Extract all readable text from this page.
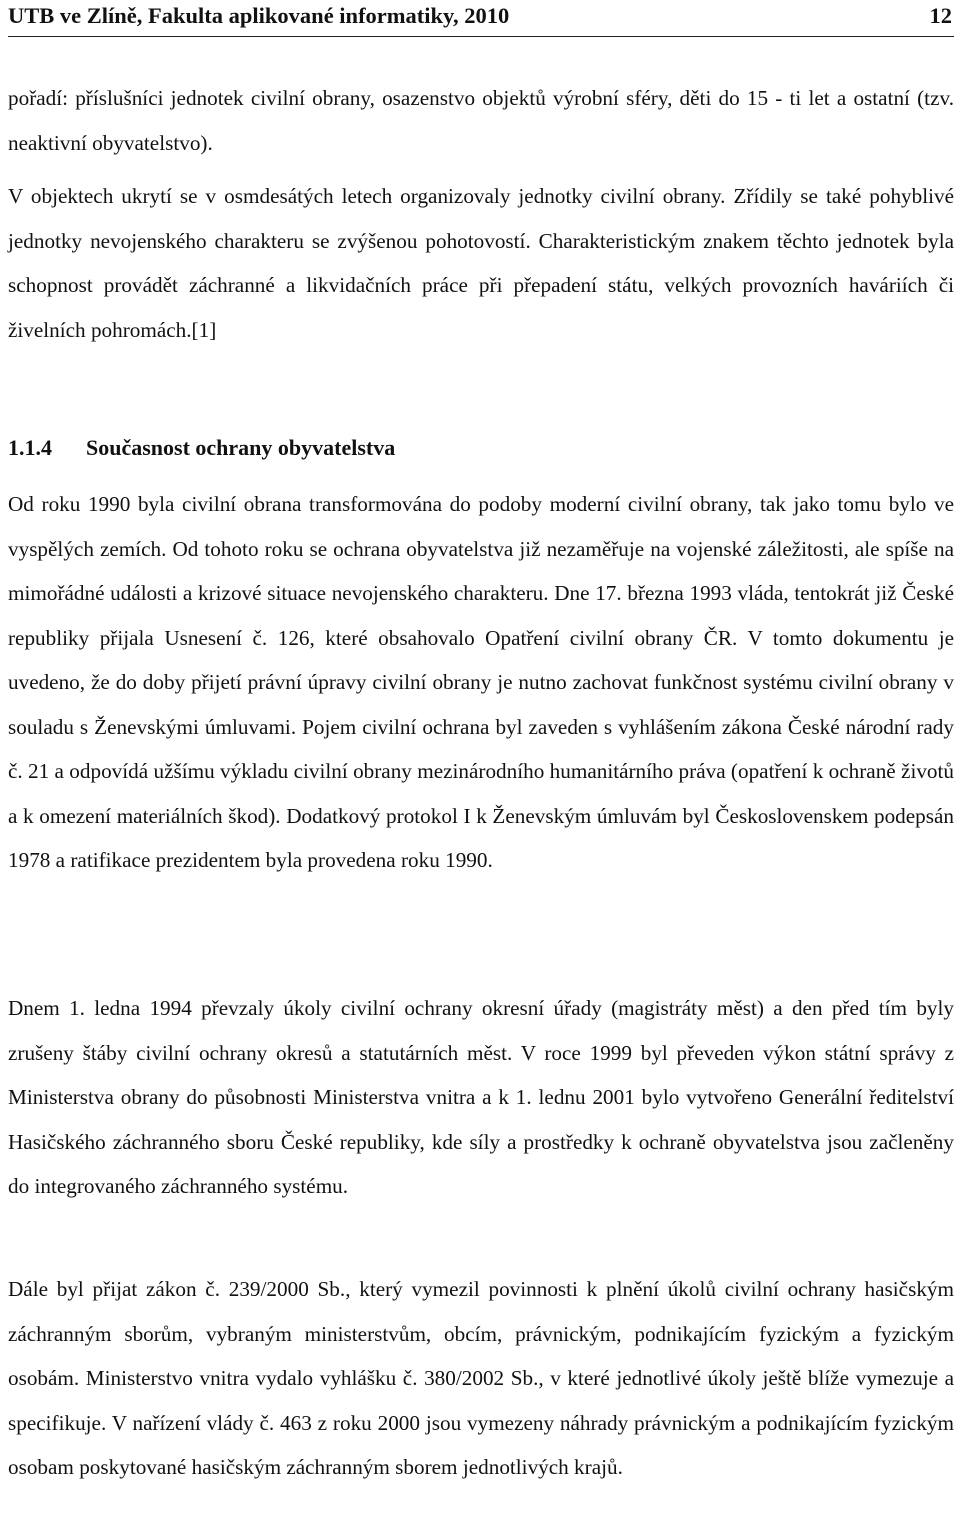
UTB ve Zlíně, Fakulta aplikované informatiky, 2010	12

pořadí: příslušníci jednotek civilní obrany, osazenstvo objektů výrobní sféry, děti do 15 - ti let a ostatní (tzv. neaktivní obyvatelstvo).

V objektech ukrytí se v osmdesátých letech organizovaly jednotky civilní obrany. Zřídily se také pohyblivé jednotky nevojenského charakteru se zvýšenou pohotovostí. Charakteristickým znakem těchto jednotek byla schopnost provádět záchranné a likvidačních práce při přepadení státu, velkých provozních haváriích či živelních pohromách.[1]

1.1.4 Současnost ochrany obyvatelstva

Od roku 1990 byla civilní obrana transformována do podoby moderní civilní obrany, tak jako tomu bylo ve vyspělých zemích. Od tohoto roku se ochrana obyvatelstva již nezaměřuje na vojenské záležitosti, ale spíše na mimořádné události a krizové situace nevojenského charakteru. Dne 17. března 1993 vláda, tentokrát již České republiky přijala Usnesení č. 126, které obsahovalo Opatření civilní obrany ČR. V tomto dokumentu je uvedeno, že do doby přijetí právní úpravy civilní obrany je nutno zachovat funkčnost systému civilní obrany v souladu s Ženevskými úmluvami. Pojem civilní ochrana byl zaveden s vyhlášením zákona České národní rady č. 21 a odpovídá užšímu výkladu civilní obrany mezinárodního humanitárního práva (opatření k ochraně životů a k omezení materiálních škod). Dodatkový protokol I k Ženevským úmluvám byl Československem podepsán 1978 a ratifikace prezidentem byla provedena roku 1990.

Dnem 1. ledna 1994 převzaly úkoly civilní ochrany okresní úřady (magistráty měst) a den před tím byly zrušeny štáby civilní ochrany okresů a statutárních měst. V roce 1999 byl převeden výkon státní správy z Ministerstva obrany do působnosti Ministerstva vnitra a k 1. lednu 2001 bylo vytvořeno Generální ředitelství Hasičského záchranného sboru České republiky, kde síly a prostředky k ochraně obyvatelstva jsou začleněny do integrovaného záchranného systému.

Dále byl přijat zákon č. 239/2000 Sb., který vymezil povinnosti k plnění úkolů civilní ochrany hasičským záchranným sborům, vybraným ministerstvům, obcím, právnickým, podnikajícím fyzickým a fyzickým osobám. Ministerstvo vnitra vydalo vyhlášku č. 380/2002 Sb., v které jednotlivé úkoly ještě blíže vymezuje a specifikuje. V nařízení vlády č. 463 z roku 2000 jsou vymezeny náhrady právnickým a podnikajícím fyzickým osobam poskytované hasičským záchranným sborem jednotlivých krajů.
